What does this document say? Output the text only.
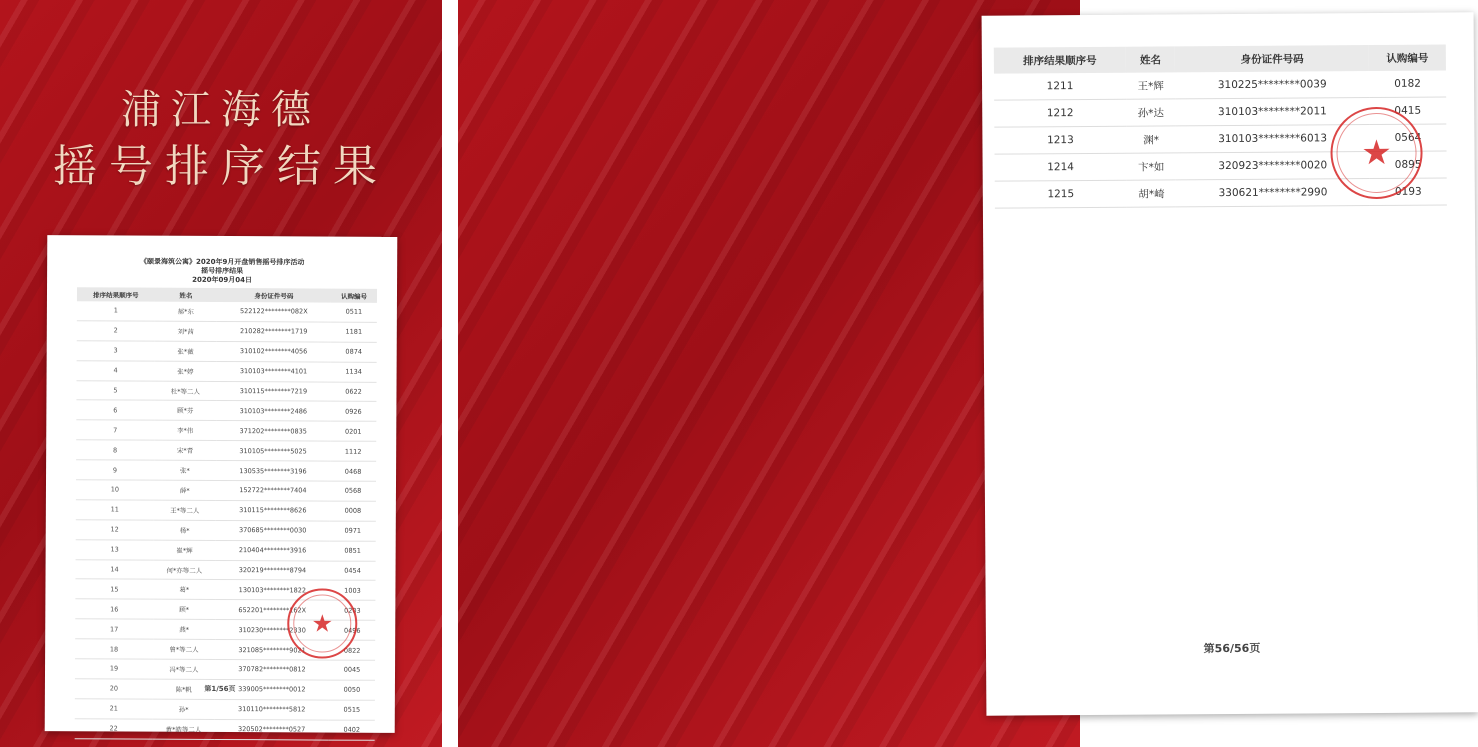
浦江海德
摇号排序结果
《颐景海筑公寓》2020年9月开盘销售摇号排序活动
摇号排序结果
2020年09月04日
排序结果顺序号	姓名	身份证件号码	认购编号
1	郝*东	522122********082X	0511
2	刘*茜	210282********1719	1181
3	张*薇	310102********4056	0874
4	张*婷	310103********4101	1134
5	杜*等二人	310115********7219	0622
6	顾*芬	310103********2486	0926
7	李*伟	371202********0835	0201
8	宋*青	310105********5025	1112
9	张*	130535********3196	0468
10	薛*	152722********7404	0568
11	王*等二人	310115********8626	0008
12	杨*	370685********0030	0971
13	崔*辉	210404********3916	0851
14	何*亦等二人	320219********8794	0454
15	葛*	130103********1822	1003
16	顾*	652201********162X	0203
17	燕*	310230********2330	0496
18	曾*等二人	321085********9021	0822
19	冯*等二人	370782********0812	0045
20	陈*帆	339005********0012	0050
21	孙*	310110********5812	0515
22	黄*皓等二人	320502********0527	0402
★
第1/56页
排序结果顺序号	姓名	身份证件号码	认购编号
1211	王*辉	310225********0039	0182
1212	孙*达	310103********2011	0415
1213	渊*	310103********6013	0564
1214	卞*如	320923********0020	0895
1215	胡*崎	330621********2990	0193
★
第56/56页
